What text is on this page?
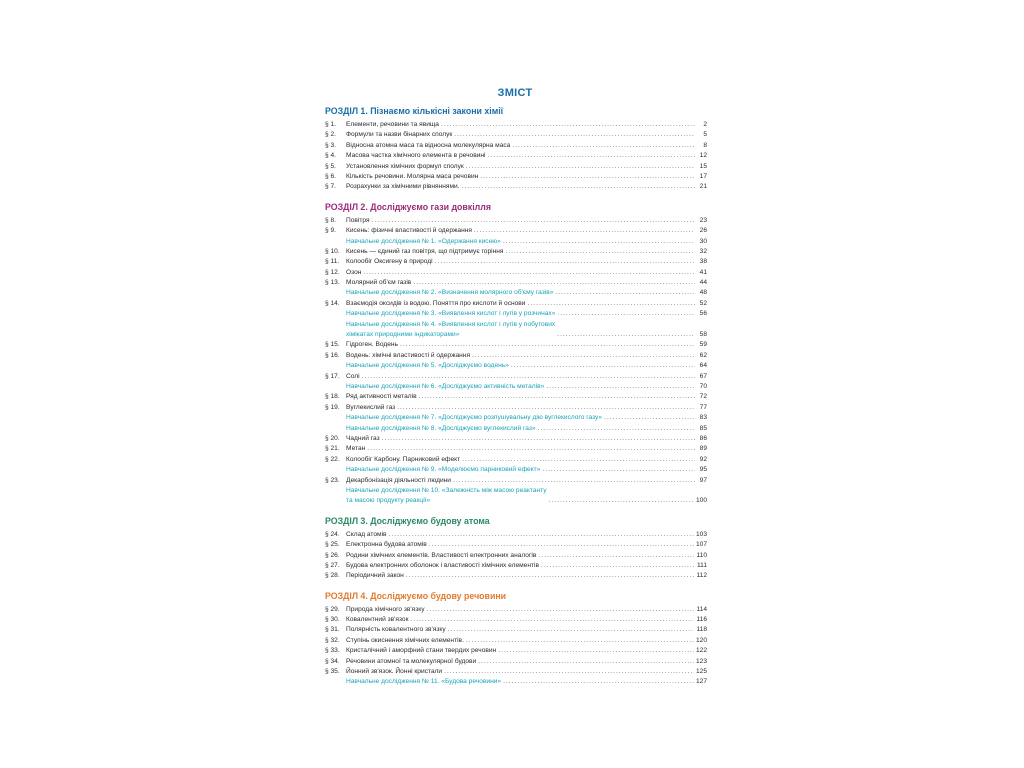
ЗМІСТ
РОЗДІЛ 1. Пізнаємо кількісні закони хімії
§ 1.	Елементи, речовини та явища . . .	2
§ 2.	Формули та назви бінарних сполук . . .	5
§ 3.	Відносна атомна маса та відносна молекулярна маса . . .	8
§ 4.	Масова частка хімічного елемента в речовині . . .	12
§ 5.	Установлення хімічних формул сполук . . .	15
§ 6.	Кількість речовини. Молярна маса речовин . . .	17
§ 7.	Розрахунки за хімічними рівняннями. . . .	21
РОЗДІЛ 2. Досліджуємо гази довкілля
§ 8.	Повітря . . .	23
§ 9.	Кисень: фізичні властивості й одержання . . .	26
Навчальне дослідження № 1. «Одержання кисню» . . .	30
§ 10. Кисень — єдиний газ повітря, що підтримує горіння . . .	32
§ 11.	Колообіг Оксигену в природі . . .	38
§ 12. Озон . . .	41
§ 13. Молярний об'єм газів . . .	44
Навчальне дослідження № 2. «Визначення молярного об'єму газів» . . .	48
§ 14. Взаємодія оксидів із водою. Поняття про кислоти й основи . . .	52
Навчальне дослідження № 3. «Виявлення кислот і лугів у розчинах» . . .	56
Навчальне дослідження № 4. «Виявлення кислот і лугів у побутових
хімікатах природними індикаторами» . . .	58
§ 15. Гідроген. Водень . . .	59
§ 16. Водень: хімічні властивості й одержання . . .	62
Навчальне дослідження № 5. «Досліджуємо водень» . . .	64
§ 17. Солі . . .	67
Навчальне дослідження № 6. «Досліджуємо активність металів» . . .	70
§ 18. Ряд активності металів . . .	72
§ 19. Вуглекислий газ . . .	77
Навчальне дослідження № 7. «Досліджуємо розпушувальну дію вуглекислого газу» . . .	83
Навчальне дослідження № 8. «Досліджуємо вуглекислий газ» . . .	85
§ 20. Чадний газ . . .	86
§ 21. Метан . . .	89
§ 22. Колообіг Карбону. Парниковий ефект . . .	92
Навчальне дослідження № 9. «Моделюємо парниковий ефект» . . .	95
§ 23. Декарбонізація діяльності людини . . .	97
Навчальне дослідження № 10. «Залежність між масою реактанту
та масою продукту реакції» . . .	100
РОЗДІЛ 3. Досліджуємо будову атома
§ 24. Склад атомів . . .	103
§ 25. Електронна будова атомів . . .	107
§ 26. Родини хімічних елементів. Властивості електронних аналогів . . .	110
§ 27. Будова електронних оболонок і властивості хімічних елементів . . .	111
§ 28. Періодичний закон . . .	112
РОЗДІЛ 4. Досліджуємо будову речовини
§ 29. Природа хімічного зв'язку . . .	114
§ 30. Ковалентний зв'язок . . .	116
§ 31. Полярність ковалентного зв'язку . . .	118
§ 32. Ступінь окиснення хімічних елементів. . . .	120
§ 33. Кристалічний і аморфний стани твердих речовин . . .	122
§ 34. Речовини атомної та молекулярної будови . . .	123
§ 35. Йонний зв'язок. Йонні кристали . . .	125
Навчальне дослідження № 11. «Будова речовини» . . .	127
